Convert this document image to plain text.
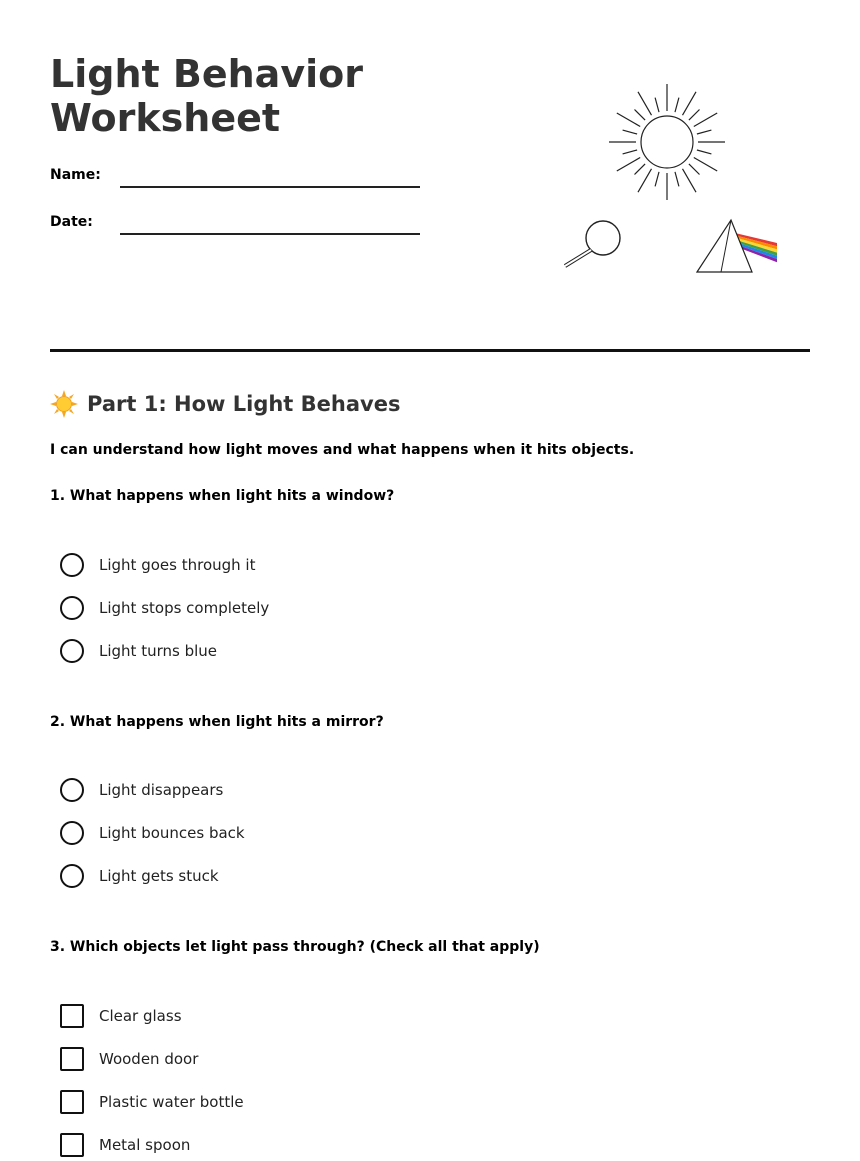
Light Behavior Worksheet
Name:
Date:
Part 1: How Light Behaves
I can understand how light moves and what happens when it hits objects.
1. What happens when light hits a window?
Light goes through it
Light stops completely
Light turns blue
2. What happens when light hits a mirror?
Light disappears
Light bounces back
Light gets stuck
3. Which objects let light pass through? (Check all that apply)
Clear glass
Wooden door
Plastic water bottle
Metal spoon
